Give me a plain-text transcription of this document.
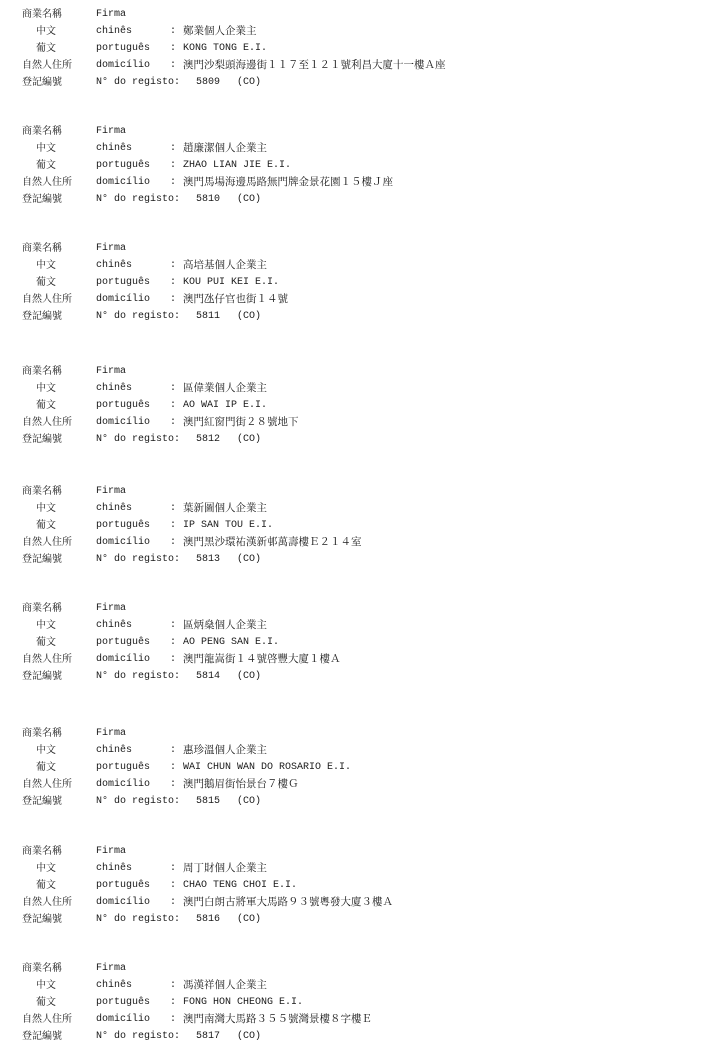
商業名稱	Firma
中文	chinês	: 鄭業個人企業主
葡文	português : KONG TONG E.I.
自然人住所 domicílio : 澳門沙梨頭海邊街１１７至１２１號利昌大廈十一樓Ａ座
登記編號	N° do registo: 5809 (CO)
商業名稱	Firma
中文	chinês	: 趙廉潔個人企業主
葡文	português : ZHAO LIAN JIE E.I.
自然人住所 domicílio : 澳門馬場海邊馬路無門牌金景花園１５樓Ｊ座
登記編號	N° do registo: 5810 (CO)
商業名稱	Firma
中文	chinês	: 高培基個人企業主
葡文	português : KOU PUI KEI E.I.
自然人住所 domicílio : 澳門氹仔官也街１４號
登記編號	N° do registo: 5811 (CO)
商業名稱	Firma
中文	chinês	: 區偉業個人企業主
葡文	português : AO WAI IP E.I.
自然人住所 domicílio : 澳門紅窗門街２８號地下
登記編號	N° do registo: 5812 (CO)
商業名稱	Firma
中文	chinês	: 葉新圖個人企業主
葡文	português : IP SAN TOU E.I.
自然人住所 domicílio : 澳門黑沙環祐漢新邨萬壽樓Ｅ２１４室
登記編號	N° do registo: 5813 (CO)
商業名稱	Firma
中文	chinês	: 區炳燊個人企業主
葡文	português : AO PENG SAN E.I.
自然人住所 domicílio : 澳門龍嵩街１４號啓豐大廈１樓Ａ
登記編號	N° do registo: 5814 (CO)
商業名稱	Firma
中文	chinês	: 惠珍溫個人企業主
葡文	português : WAI CHUN WAN DO ROSARIO E.I.
自然人住所 domicílio : 澳門鵝眉街怡景台７樓Ｇ
登記編號	N° do registo: 5815 (CO)
商業名稱	Firma
中文	chinês	: 周丁財個人企業主
葡文	português : CHAO TENG CHOI E.I.
自然人住所 domicílio : 澳門白朗古將軍大馬路９３號粵發大廈３樓Ａ
登記編號	N° do registo: 5816 (CO)
商業名稱	Firma
中文	chinês	: 馮漢祥個人企業主
葡文	português : FONG HON CHEONG E.I.
自然人住所 domicílio : 澳門南灣大馬路３５５號灣景樓８字樓Ｅ
登記編號	N° do registo: 5817 (CO)
